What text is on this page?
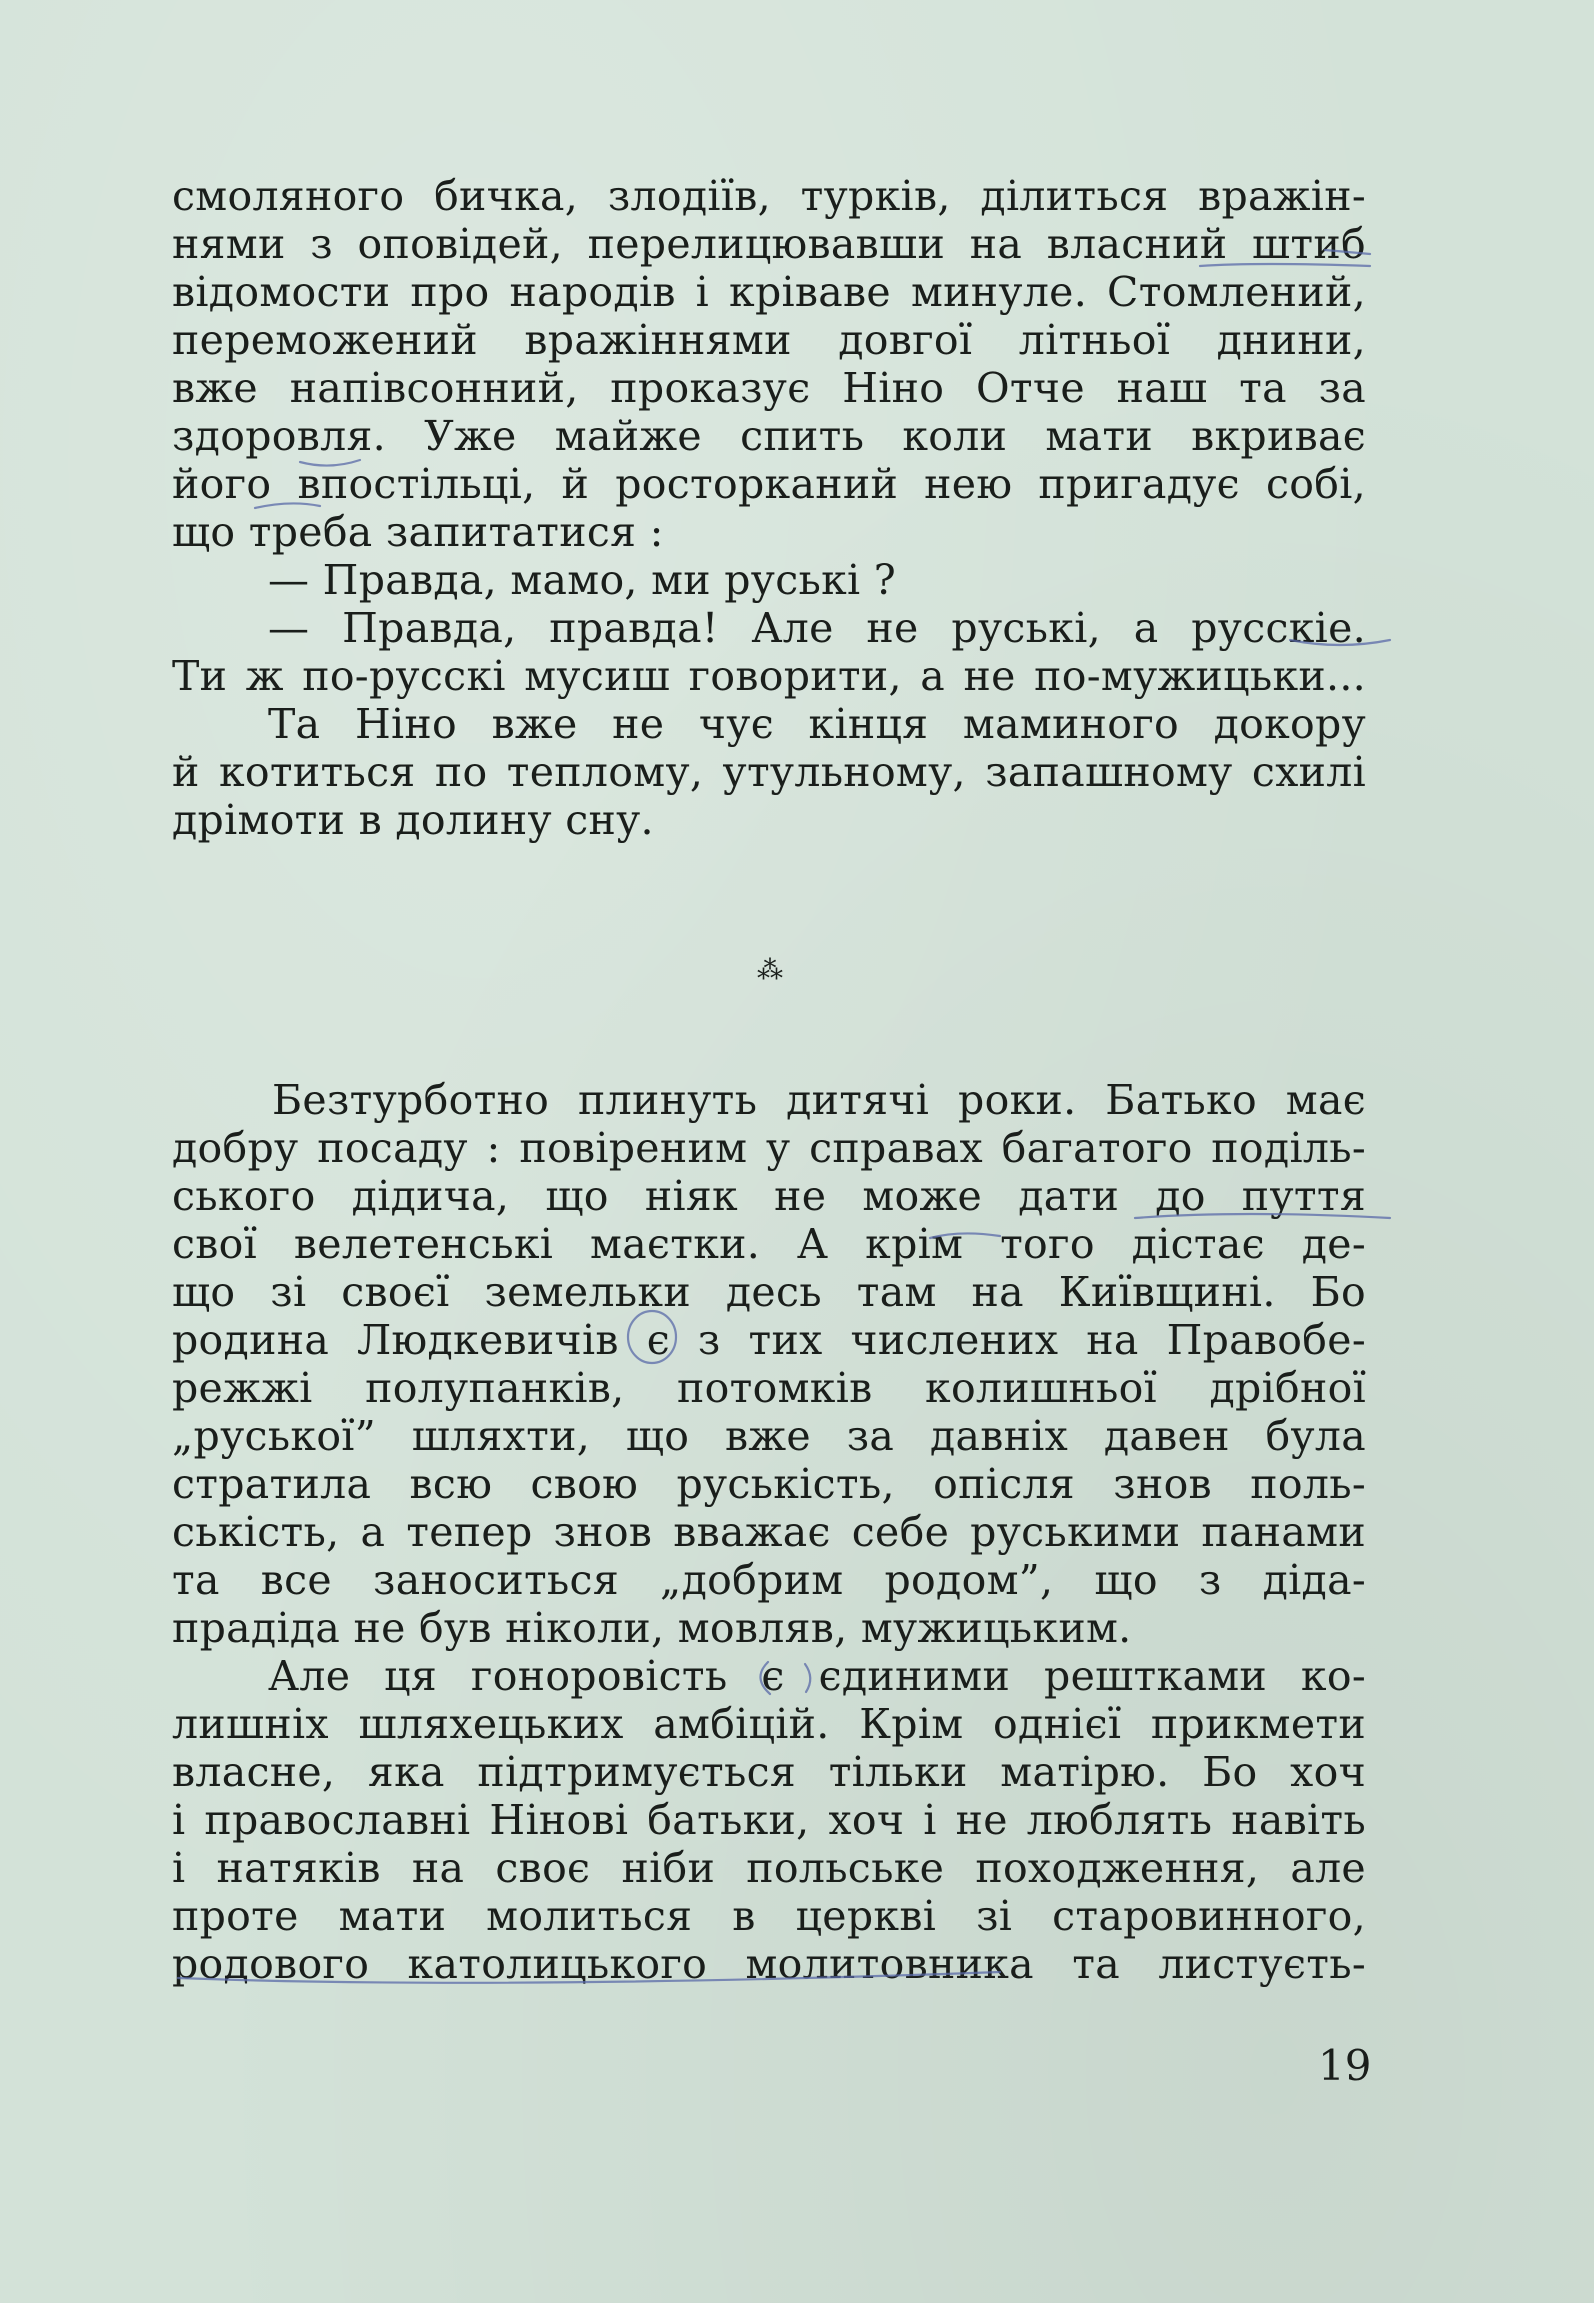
смоляного бичка, злодіїв, турків, ділиться вражін-
нями з оповідей, перелицювавши на власний штиб
відомости про народів і кріваве минуле. Стомлений,
переможений вражіннями довгої літньої днини,
вже напівсонний, проказує Ніно Отче наш та за
здоровля. Уже майже спить коли мати вкриває
його впостільці, й росторканий нею пригадує собі,
що треба запитатися :
— Правда, мамо, ми руські ?
— Правда, правда! Але не руські, а русскіе.
Ти ж по-русскі мусиш говорити, а не по-мужицьки...
Та Ніно вже не чує кінця маминого докору
й котиться по теплому, утульному, запашному схилі
дрімоти в долину сну.
⁂
Безтурботно плинуть дитячі роки. Батько має
добру посаду : повіреним у справах багатого поділь-
ського дідича, що ніяк не може дати до пуття
свої велетенські маєтки. А крім того дістає де-
що зі своєї земельки десь там на Київщині. Бо
родина Людкевичів є з тих числених на Правобе-
режжі полупанків, потомків колишньої дрібної
„руської” шляхти, що вже за давніх давен була
стратила всю свою руськість, опісля знов поль-
ськість, а тепер знов вважає себе руськими панами
та все заноситься „добрим родом”, що з діда-
прадіда не був ніколи, мовляв, мужицьким.
Але ця гоноровість є єдиними рештками ко-
лишніх шляхецьких амбіцій. Крім однієї прикмети
власне, яка підтримується тільки матірю. Бо хоч
і православні Нінові батьки, хоч і не люблять навіть
і натяків на своє ніби польське походження, але
проте мати молиться в церкві зі старовинного,
родового католицького молитовника та листуєть-
19
